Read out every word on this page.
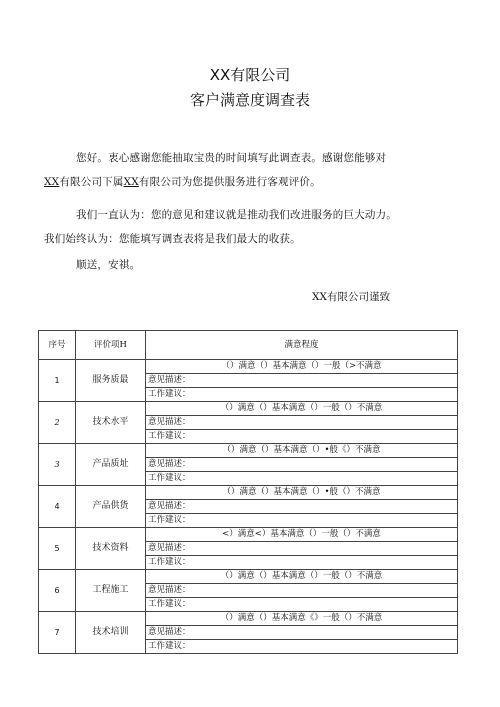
XX有限公司
客户满意度调查表
您好。衷心感谢您能抽取宝贵的时间填写此调查表。感谢您能够对
XX有限公司下属XX有限公司为您提供服务进行客观评价。
我们一直认为：您的意见和建议就是推动我们改进服务的巨大动力。
我们始终认为：您能填写调查表将是我们最大的收获。
顺送，安祺。
XX有限公司谨致
序号	评价项H	满意程度
1	服务质最	（）满意（）基本满意（）一般（>不满意
		意见描述：
		工作建议：
2	技术水平	（）满意（）基本满意（）一般（）不满意
		意见描述：
		工作建议：
3	产品质址	（）满意（）基本满意（）•般《）不满意
		意见描述：
		工作建议：
4	产品供货	（）满意（）基本满意（）•般（）不满意
		意见描述：
		工作建议：
5	技术资料	<）满意<）基本满意（）一般（）不满意
		意见描述：
		工作建议：
6	工程施工	（）满意（）基本满意（）一般（）不满意
		意见描述：
		工作建议：
7	技术培训	（）满意（）基本满意《》一般（）不满意
		意见描述：
		工作建议：
